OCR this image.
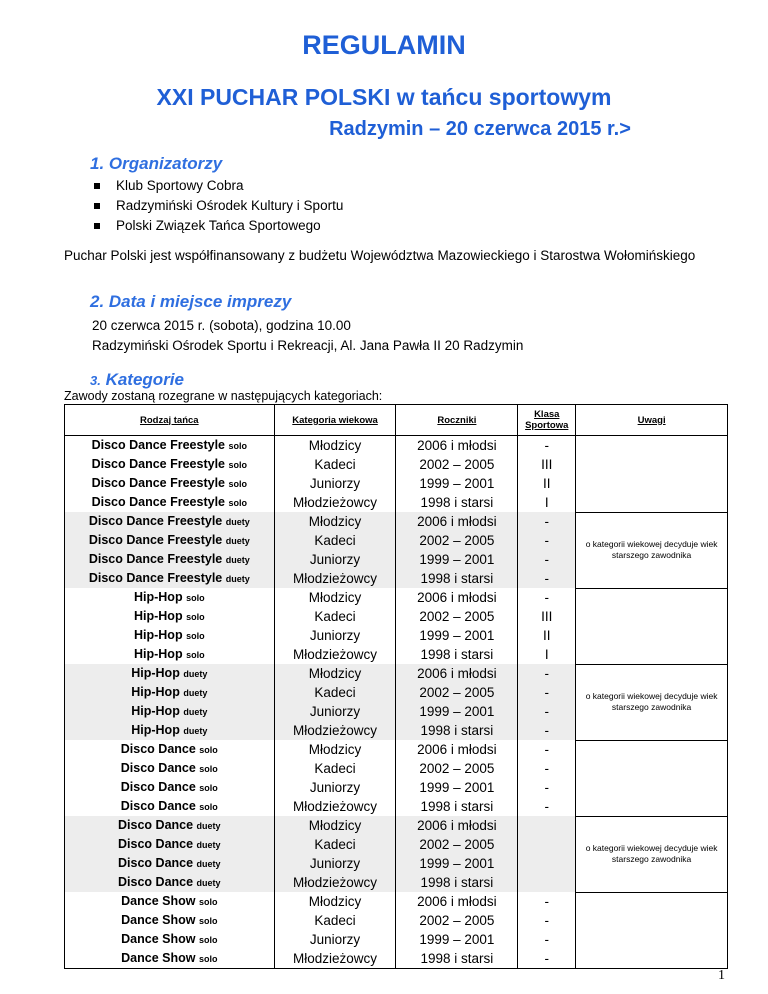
REGULAMIN
XXI PUCHAR POLSKI w tańcu sportowym
Radzymin – 20 czerwca 2015 r.>
1. Organizatorzy
Klub Sportowy Cobra
Radzymiński Ośrodek Kultury i Sportu
Polski Związek Tańca Sportowego
Puchar Polski jest współfinansowany z budżetu Województwa Mazowieckiego i Starostwa Wołomińskiego
2. Data i miejsce imprezy
20 czerwca 2015 r. (sobota), godzina 10.00
Radzymiński Ośrodek Sportu i Rekreacji, Al. Jana Pawła II 20 Radzymin
3. Kategorie
Zawody zostaną rozegrane w następujących kategoriach:
Rodzaj tańca	Kategoria wiekowa	Roczniki	Klasa Sportowa	Uwagi
Disco Dance Freestyle solo	Młodzicy	2006 i młodsi	-	
Disco Dance Freestyle solo	Kadeci	2002 – 2005	III	
Disco Dance Freestyle solo	Juniorzy	1999 – 2001	II	
Disco Dance Freestyle solo	Młodzieżowcy	1998 i starsi	I	
Disco Dance Freestyle duety	Młodzicy	2006 i młodsi	-	o kategorii wiekowej decyduje wiek starszego zawodnika
Disco Dance Freestyle duety	Kadeci	2002 – 2005	-	
Disco Dance Freestyle duety	Juniorzy	1999 – 2001	-	
Disco Dance Freestyle duety	Młodzieżowcy	1998 i starsi	-	
Hip-Hop solo	Młodzicy	2006 i młodsi	-	
Hip-Hop solo	Kadeci	2002 – 2005	III	
Hip-Hop solo	Juniorzy	1999 – 2001	II	
Hip-Hop solo	Młodzieżowcy	1998 i starsi	I	
Hip-Hop duety	Młodzicy	2006 i młodsi	-	o kategorii wiekowej decyduje wiek starszego zawodnika
Hip-Hop duety	Kadeci	2002 – 2005	-	
Hip-Hop duety	Juniorzy	1999 – 2001	-	
Hip-Hop duety	Młodzieżowcy	1998 i starsi	-	
Disco Dance solo	Młodzicy	2006 i młodsi	-	
Disco Dance solo	Kadeci	2002 – 2005	-	
Disco Dance solo	Juniorzy	1999 – 2001	-	
Disco Dance solo	Młodzieżowcy	1998 i starsi	-	
Disco Dance duety	Młodzicy	2006 i młodsi		o kategorii wiekowej decyduje wiek starszego zawodnika
Disco Dance duety	Kadeci	2002 – 2005		
Disco Dance duety	Juniorzy	1999 – 2001		
Disco Dance duety	Młodzieżowcy	1998 i starsi		
Dance Show solo	Młodzicy	2006 i młodsi	-	
Dance Show solo	Kadeci	2002 – 2005	-	
Dance Show solo	Juniorzy	1999 – 2001	-	
Dance Show solo	Młodzieżowcy	1998 i starsi	-	
1
